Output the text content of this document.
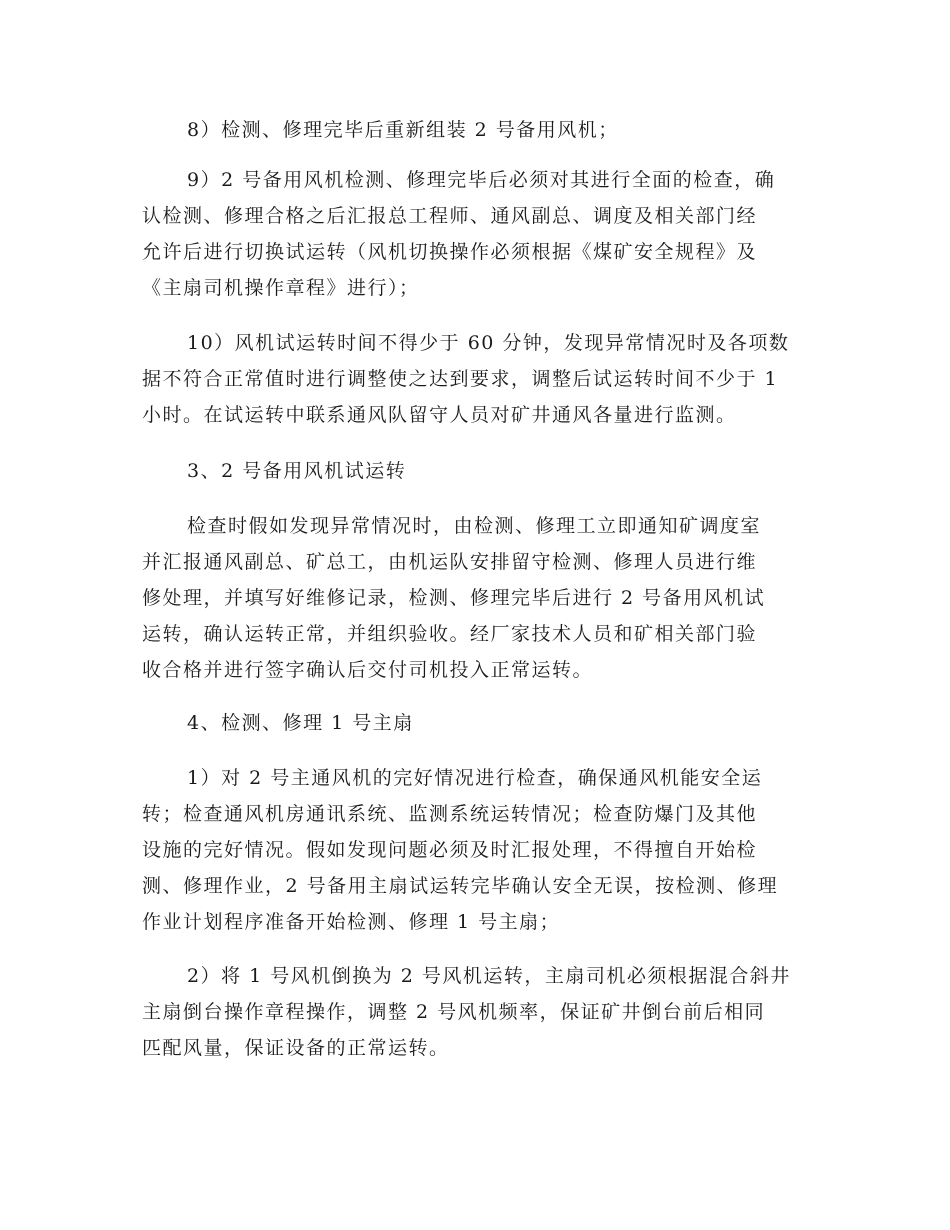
8）检测、修理完毕后重新组装 2 号备用风机；

9）2 号备用风机检测、修理完毕后必须对其进行全面的检查，确
认检测、修理合格之后汇报总工程师、通风副总、调度及相关部门经
允许后进行切换试运转（风机切换操作必须根据《煤矿安全规程》及
《主扇司机操作章程》进行）；

10）风机试运转时间不得少于 60 分钟，发现异常情况时及各项数
据不符合正常值时进行调整使之达到要求，调整后试运转时间不少于 1
小时。在试运转中联系通风队留守人员对矿井通风各量进行监测。

3、2 号备用风机试运转

检查时假如发现异常情况时，由检测、修理工立即通知矿调度室
并汇报通风副总、矿总工，由机运队安排留守检测、修理人员进行维
修处理，并填写好维修记录，检测、修理完毕后进行 2 号备用风机试
运转，确认运转正常，并组织验收。经厂家技术人员和矿相关部门验
收合格并进行签字确认后交付司机投入正常运转。

4、检测、修理 1 号主扇

1）对 2 号主通风机的完好情况进行检查，确保通风机能安全运
转；检查通风机房通讯系统、监测系统运转情况；检查防爆门及其他
设施的完好情况。假如发现问题必须及时汇报处理，不得擅自开始检
测、修理作业，2 号备用主扇试运转完毕确认安全无误，按检测、修理
作业计划程序准备开始检测、修理 1 号主扇；

2）将 1 号风机倒换为 2 号风机运转，主扇司机必须根据混合斜井
主扇倒台操作章程操作，调整 2 号风机频率，保证矿井倒台前后相同
匹配风量，保证设备的正常运转。
